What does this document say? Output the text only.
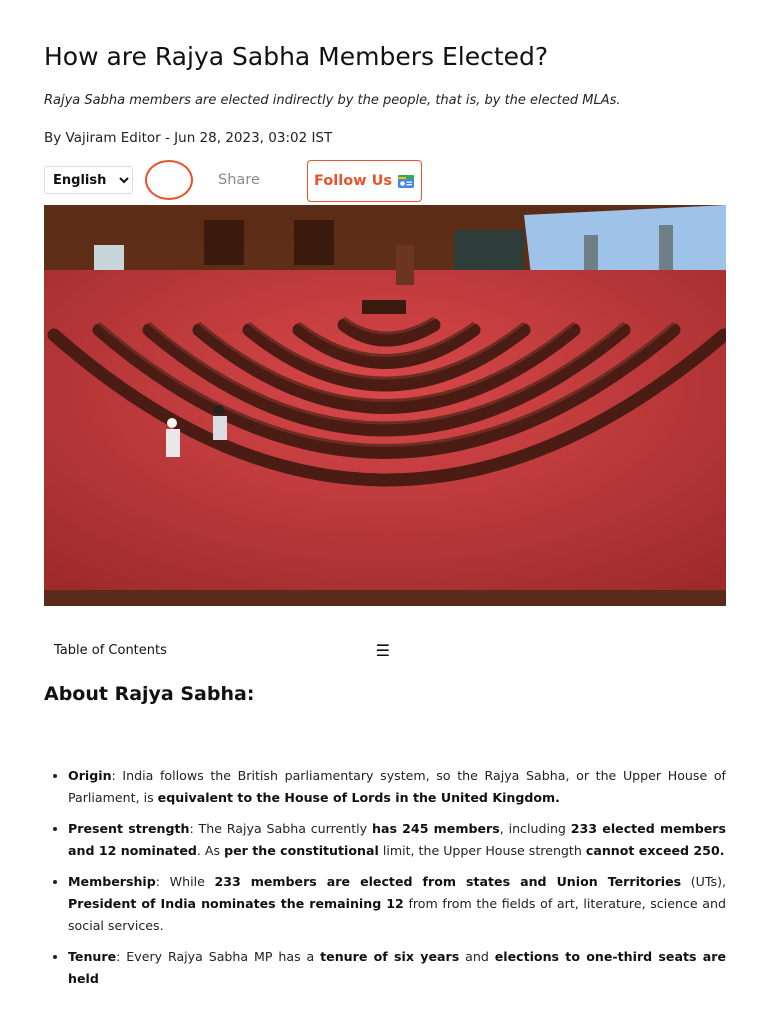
How are Rajya Sabha Members Elected?
Rajya Sabha members are elected indirectly by the people, that is, by the elected MLAs.
By Vajiram Editor - Jun 28, 2023, 03:02 IST
English
Share	Follow Us
Table of Contents	☰
About Rajya Sabha:
• Origin: India follows the British parliamentary system, so the Rajya Sabha, or the Upper House of Parliament, is equivalent to the House of Lords in the United Kingdom.
• Present strength: The Rajya Sabha currently has 245 members, including 233 elected members and 12 nominated. As per the constitutional limit, the Upper House strength cannot exceed 250.
• Membership: While 233 members are elected from states and Union Territories (UTs), President of India nominates the remaining 12 from from the fields of art, literature, science and social services.
• Tenure: Every Rajya Sabha MP has a tenure of six years and elections to one-third seats are held
